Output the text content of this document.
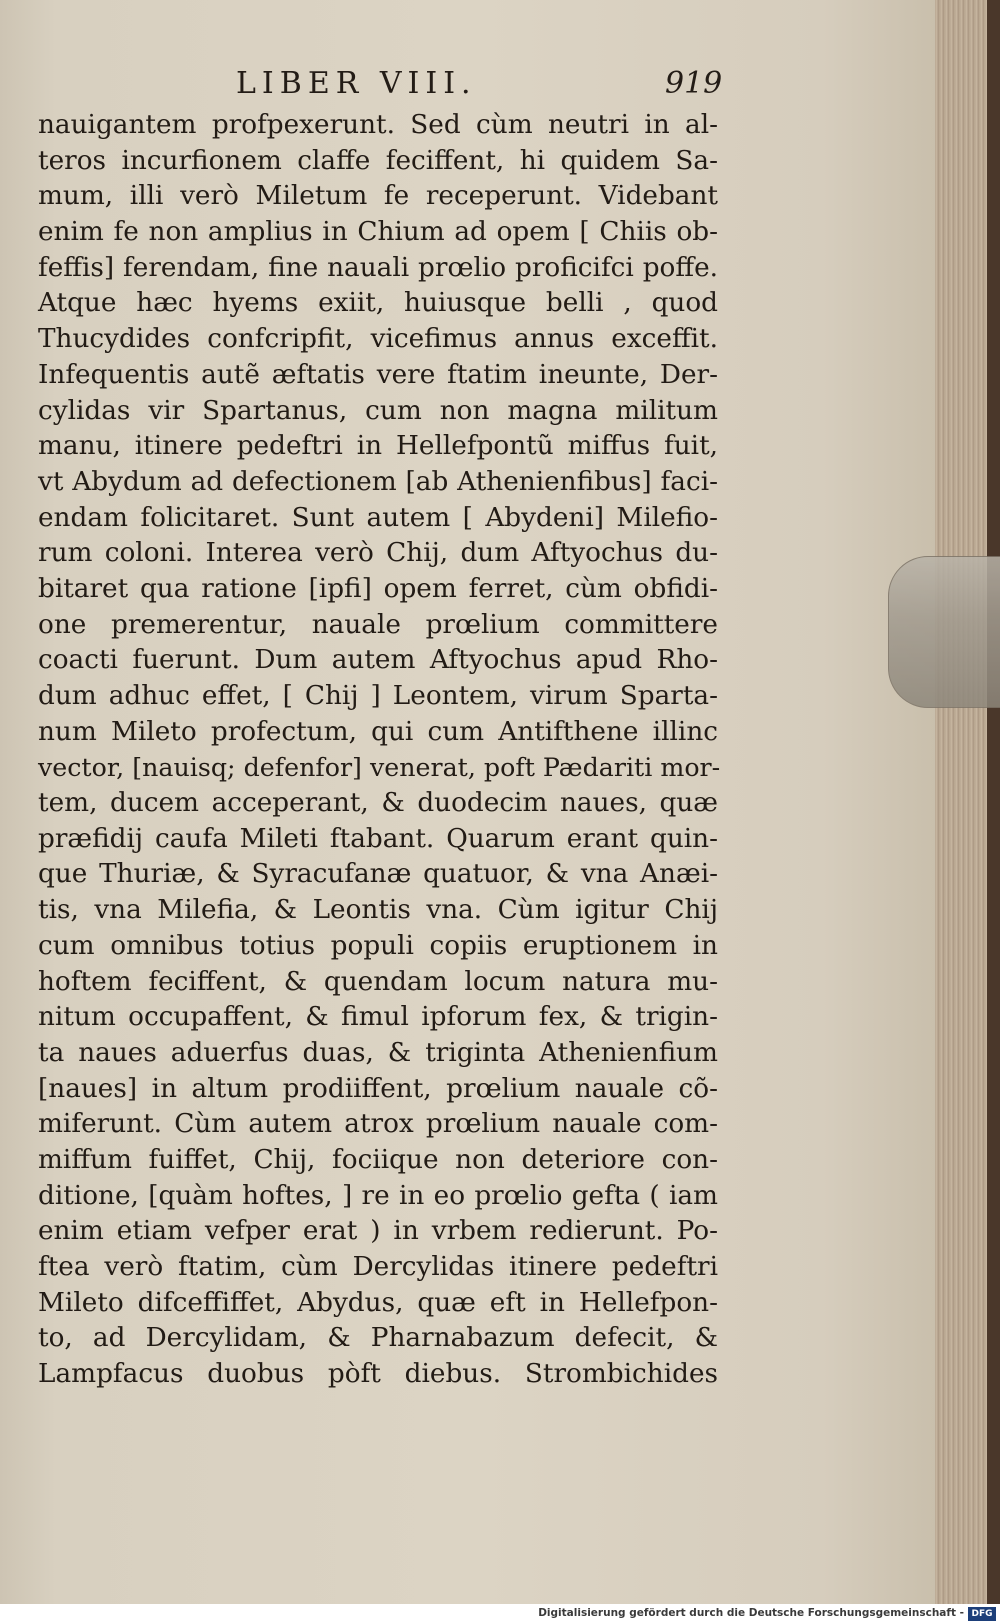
LIBER VIII.	919
nauigantem profpexerunt. Sed cùm neutri in al-
teros incurfionem claffe feciffent, hi quidem Sa-
mum, illi verò Miletum fe receperunt. Videbant
enim fe non amplius in Chium ad opem [ Chiis ob-
feffis] ferendam, fine nauali prœlio proficifci poffe.
Atque hæc hyems exiit, huiusque belli , quod
Thucydides confcripfit, vicefimus annus exceffit.
Infequentis autẽ æftatis vere ftatim ineunte, Der-
cylidas vir Spartanus, cum non magna militum
manu, itinere pedeftri in Hellefpontũ miffus fuit,
vt Abydum ad defectionem [ab Athenienfibus] faci-
endam folicitaret. Sunt autem [ Abydeni] Milefio-
rum coloni. Interea verò Chij, dum Aftyochus du-
bitaret qua ratione [ipfi] opem ferret, cùm obfidi-
one premerentur, nauale prœlium committere
coacti fuerunt. Dum autem Aftyochus apud Rho-
dum adhuc effet, [ Chij ] Leontem, virum Sparta-
num Mileto profectum, qui cum Antifthene illinc
vector, [nauisq; defenfor] venerat, poft Pædariti mor-
tem, ducem acceperant, & duodecim naues, quæ
præfidij caufa Mileti ftabant. Quarum erant quin-
que Thuriæ, & Syracufanæ quatuor, & vna Anæi-
tis, vna Milefia, & Leontis vna. Cùm igitur Chij
cum omnibus totius populi copiis eruptionem in
hoftem feciffent, & quendam locum natura mu-
nitum occupaffent, & fimul ipforum fex, & trigin-
ta naues aduerfus duas, & triginta Athenienfium
[naues] in altum prodiiffent, prœlium nauale cõ-
miferunt. Cùm autem atrox prœlium nauale com-
miffum fuiffet, Chij, fociique non deteriore con-
ditione, [quàm hoftes, ] re in eo prœlio gefta ( iam
enim etiam vefper erat ) in vrbem redierunt. Po-
ftea verò ftatim, cùm Dercylidas itinere pedeftri
Mileto difceffiffet, Abydus, quæ eft in Hellefpon-
to, ad Dercylidam, & Pharnabazum defecit, &
Lampfacus duobus pòft diebus. Strombichides
Digitalisierung gefördert durch die Deutsche Forschungsgemeinschaft - DFG
